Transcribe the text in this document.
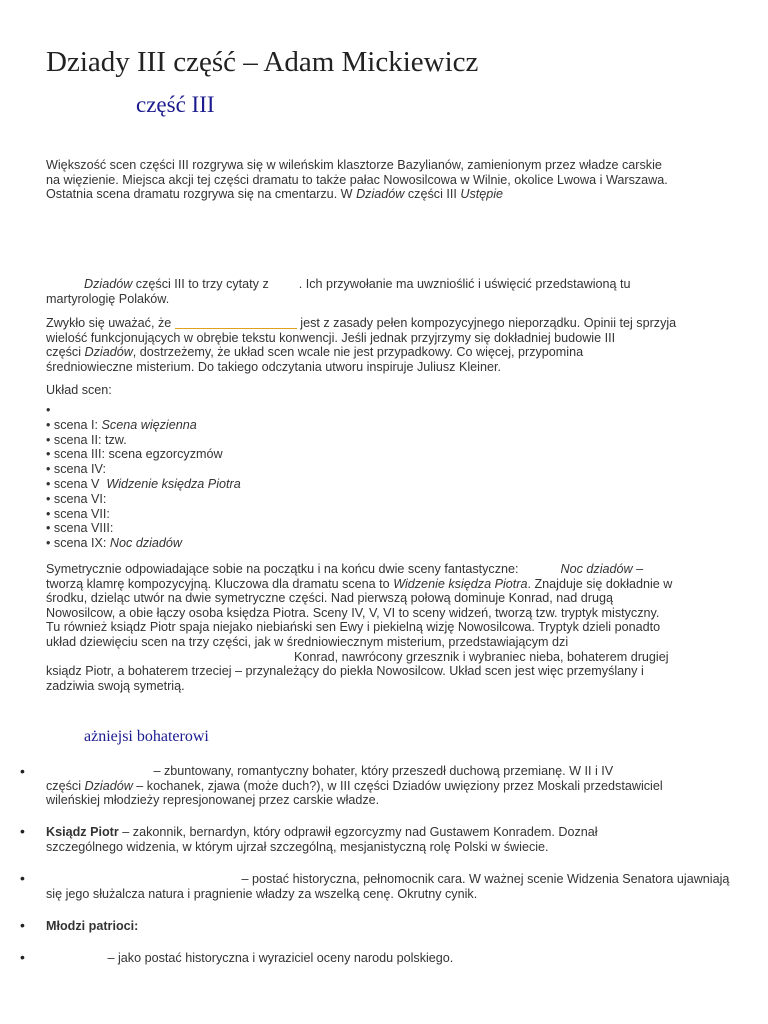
Dziady III część – Adam Mickiewicz
część III
Większość scen części III rozgrywa się w wileńskim klasztorze Bazylianów, zamienionym przez władze carskie
na więzienie. Miejsca akcji tej części dramatu to także pałac Nowosilcowa w Wilnie, okolice Lwowa i Warszawa.
Ostatnia scena dramatu rozgrywa się na cmentarzu. W Dziadów części III Ustępie
Dziadów części III to trzy cytaty z . Ich przywołanie ma uwznioślić i uświęcić przedstawioną tu
martyrologię Polaków.
Zwykło się uważać, że	jest z zasady pełen kompozycyjnego nieporządku. Opinii tej sprzyja
wielość funkcjonujących w obrębie tekstu konwencji. Jeśli jednak przyjrzymy się dokładniej budowie III
części Dziadów, dostrzeżemy, że układ scen wcale nie jest przypadkowy. Co więcej, przypomina
średniowieczne misterium. Do takiego odczytania utworu inspiruje Juliusz Kleiner.
Układ scen:
•
• scena I: Scena więzienna
• scena II: tzw.
• scena III: scena egzorcyzmów
• scena IV:
• scena V  Widzenie księdza Piotra
• scena VI:
• scena VII:
• scena VIII:
• scena IX: Noc dziadów
Symetrycznie odpowiadające sobie na początku i na końcu dwie sceny fantastyczne:	Noc dziadów –
tworzą klamrę kompozycyjną. Kluczowa dla dramatu scena to Widzenie księdza Piotra. Znajduje się dokładnie w
środku, dzieląc utwór na dwie symetryczne części. Nad pierwszą połową dominuje Konrad, nad drugą
Nowosilcow, a obie łączy osoba księdza Piotra. Sceny IV, V, VI to sceny widzeń, tworzą tzw. tryptyk mistyczny.
Tu również ksiądz Piotr spaja niejako niebiański sen Ewy i piekielną wizję Nowosilcowa. Tryptyk dzieli ponadto
układ dziewięciu scen na trzy części, jak w średniowiecznym misterium, przedstawiającym dzi
Konrad, nawrócony grzesznik i wybraniec nieba, bohaterem drugiej
ksiądz Piotr, a bohaterem trzeciej – przynależący do piekła Nowosilcow. Układ scen jest więc przemyślany i
zadziwia swoją symetrią.
ażniejsi bohaterowi
•	– zbuntowany, romantyczny bohater, który przeszedł duchową przemianę. W II i IV
części Dziadów – kochanek, zjawa (może duch?), w III części Dziadów uwięziony przez Moskali przedstawiciel
wileńskiej młodzieży represjonowanej przez carskie władze.
• Ksiądz Piotr – zakonnik, bernardyn, który odprawił egzorcyzmy nad Gustawem Konradem. Doznał
szczególnego widzenia, w którym ujrzał szczególną, mesjanistyczną rolę Polski w świecie.
•	– postać historyczna, pełnomocnik cara. W ważnej scenie Widzenia Senatora ujawniają
się jego służalcza natura i pragnienie władzy za wszelką cenę. Okrutny cynik.
• Młodzi patrioci:
•	– jako postać historyczna i wyraziciel oceny narodu polskiego.
